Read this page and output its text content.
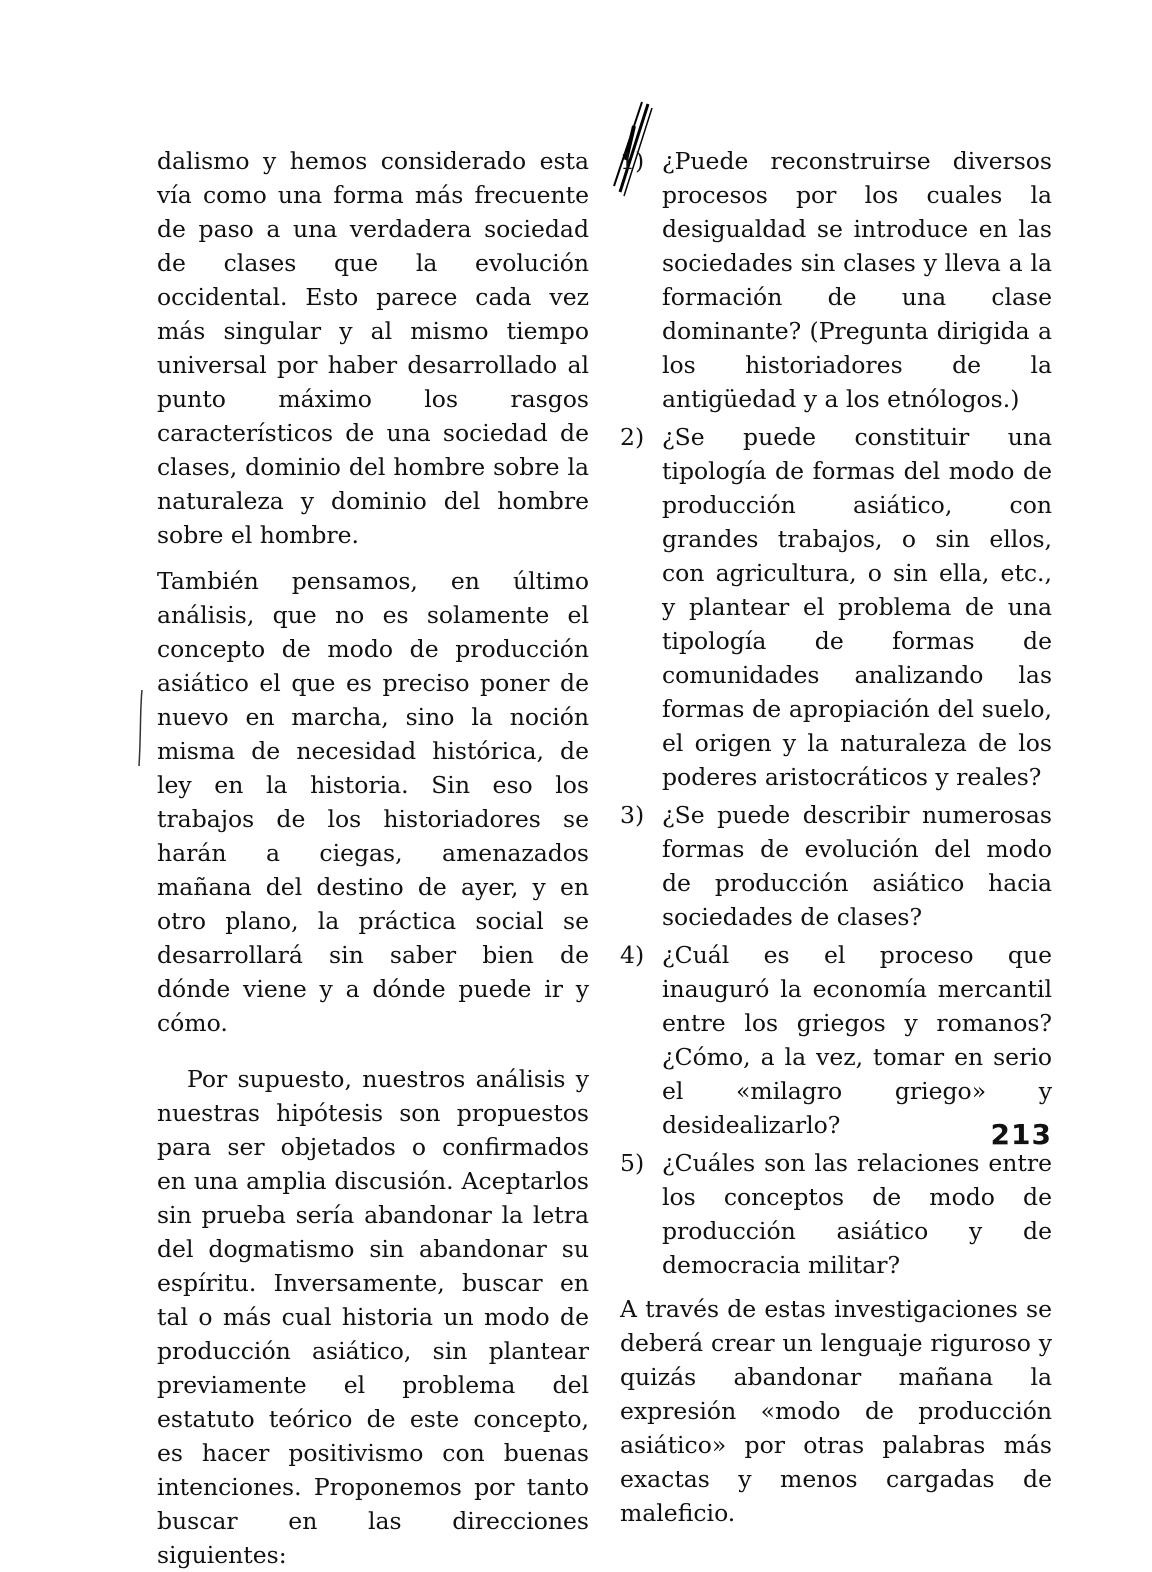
dalismo y hemos considerado esta vía como una forma más frecuente de paso a una verdadera sociedad de clases que la evolución occidental. Esto parece cada vez más singular y al mismo tiempo universal por haber desarrollado al punto máximo los rasgos característicos de una sociedad de clases, dominio del hombre sobre la naturaleza y dominio del hombre sobre el hombre.

También pensamos, en último análisis, que no es solamente el concepto de modo de producción asiático el que es preciso poner de nuevo en marcha, sino la noción misma de necesidad histórica, de ley en la historia. Sin eso los trabajos de los historiadores se harán a ciegas, amenazados mañana del destino de ayer, y en otro plano, la práctica social se desarrollará sin saber bien de dónde viene y a dónde puede ir y cómo.

Por supuesto, nuestros análisis y nuestras hipótesis son propuestos para ser objetados o confirmados en una amplia discusión. Aceptarlos sin prueba sería abandonar la letra del dogmatismo sin abandonar su espíritu. Inversamente, buscar en tal o más cual historia un modo de producción asiático, sin plantear previamente el problema del estatuto teórico de este concepto, es hacer positivismo con buenas intenciones. Proponemos por tanto buscar en las direcciones siguientes:

1) ¿Puede reconstruirse diversos procesos por los cuales la desigualdad se introduce en las sociedades sin clases y lleva a la formación de una clase dominante? (Pregunta dirigida a los historiadores de la antigüedad y a los etnólogos.)
2) ¿Se puede constituir una tipología de formas del modo de producción asiático, con grandes trabajos, o sin ellos, con agricultura, o sin ella, etc., y plantear el problema de una tipología de formas de comunidades analizando las formas de apropiación del suelo, el origen y la naturaleza de los poderes aristocráticos y reales?
3) ¿Se puede describir numerosas formas de evolución del modo de producción asiático hacia sociedades de clases?
4) ¿Cuál es el proceso que inauguró la economía mercantil entre los griegos y romanos? ¿Cómo, a la vez, tomar en serio el «milagro griego» y desidealizarlo?
5) ¿Cuáles son las relaciones entre los conceptos de modo de producción asiático y de democracia militar?

A través de estas investigaciones se deberá crear un lenguaje riguroso y quizás abandonar mañana la expresión «modo de producción asiático» por otras palabras más exactas y menos cargadas de maleficio.

213
